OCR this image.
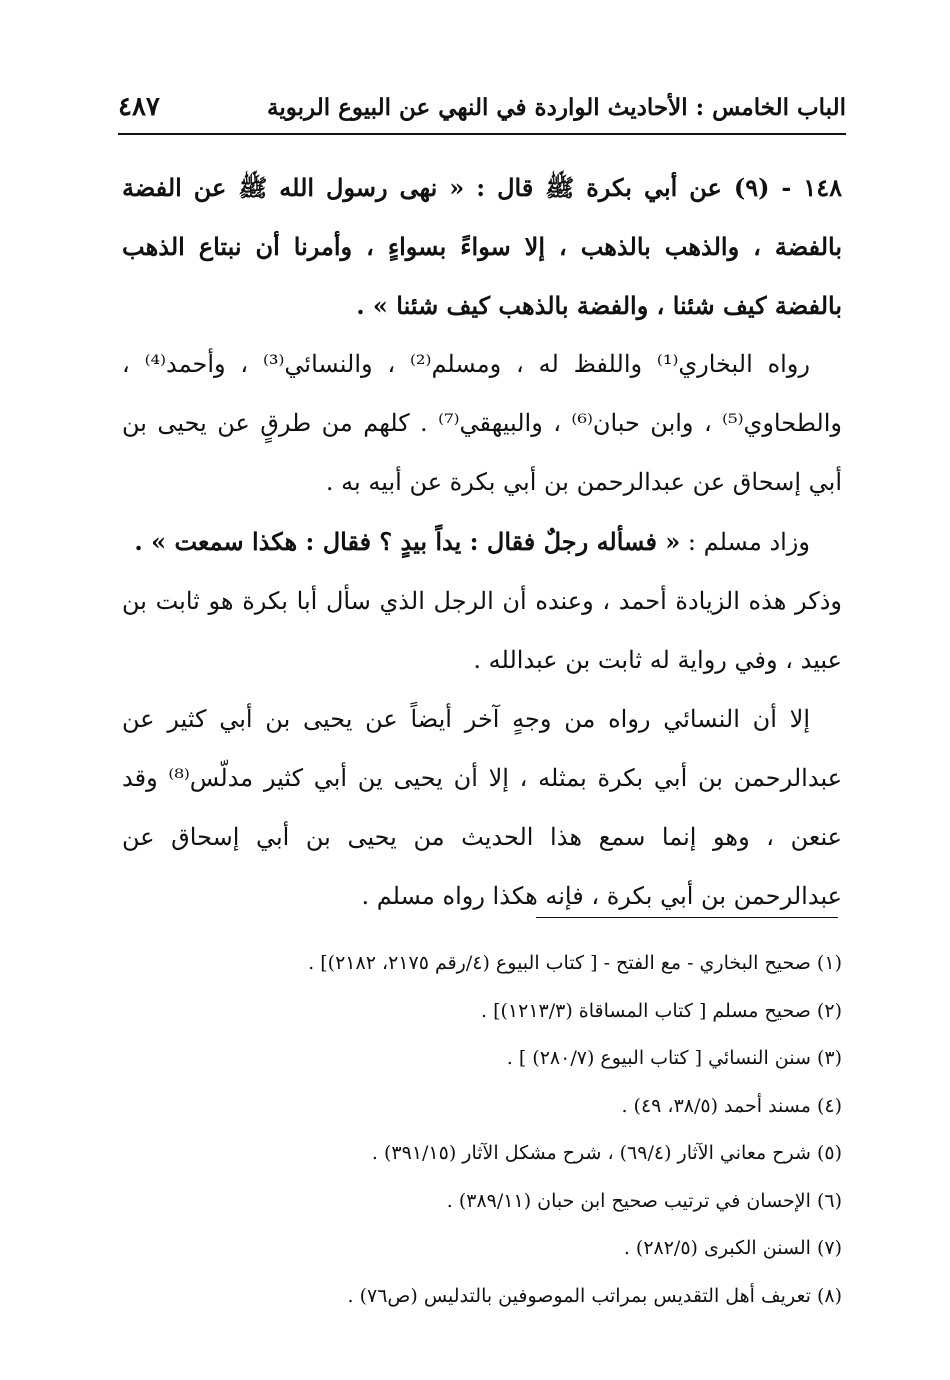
الباب الخامس : الأحاديث الواردة في النهي عن البيوع الربوية
٤٨٧

١٤٨ - (٩) عن أبي بكرة ﷺ قال : « نهى رسول الله ﷺ عن الفضة بالفضة ، والذهب بالذهب ، إلا سواءً بسواءٍ ، وأمرنا أن نبتاع الذهب بالفضة كيف شئنا ، والفضة بالذهب كيف شئنا » .

رواه البخاري⁽¹⁾ واللفظ له ، ومسلم⁽²⁾ ، والنسائي⁽³⁾ ، وأحمد⁽⁴⁾ ، والطحاوي⁽⁵⁾ ، وابن حبان⁽⁶⁾ ، والبيهقي⁽⁷⁾ . كلهم من طرقٍ عن يحيى بن أبي إسحاق عن عبدالرحمن بن أبي بكرة عن أبيه به .

وزاد مسلم : « فسأله رجلٌ فقال : يداً بيدٍ ؟ فقال : هكذا سمعت » .

وذكر هذه الزيادة أحمد ، وعنده أن الرجل الذي سأل أبا بكرة هو ثابت بن عبيد ، وفي رواية له ثابت بن عبدالله .

إلا أن النسائي رواه من وجهٍ آخر أيضاً عن يحيى بن أبي كثير عن عبدالرحمن بن أبي بكرة بمثله ، إلا أن يحيى ين أبي كثير مدلّس⁽⁸⁾ وقد عنعن ، وهو إنما سمع هذا الحديث من يحيى بن أبي إسحاق عن عبدالرحمن بن أبي بكرة ، فإنه هكذا رواه مسلم .

(١) صحيح البخاري - مع الفتح - [ كتاب البيوع (٤/رقم ٢١٧٥، ٢١٨٢)] .
(٢) صحيح مسلم [ كتاب المساقاة (١٢١٣/٣)] .
(٣) سنن النسائي [ كتاب البيوع (٢٨٠/٧) ] .
(٤) مسند أحمد (٣٨/٥، ٤٩) .
(٥) شرح معاني الآثار (٦٩/٤) ، شرح مشكل الآثار (٣٩١/١٥) .
(٦) الإحسان في ترتيب صحيح ابن حبان (٣٨٩/١١) .
(٧) السنن الكبرى (٢٨٢/٥) .
(٨) تعريف أهل التقديس بمراتب الموصوفين بالتدليس (ص٧٦) .
